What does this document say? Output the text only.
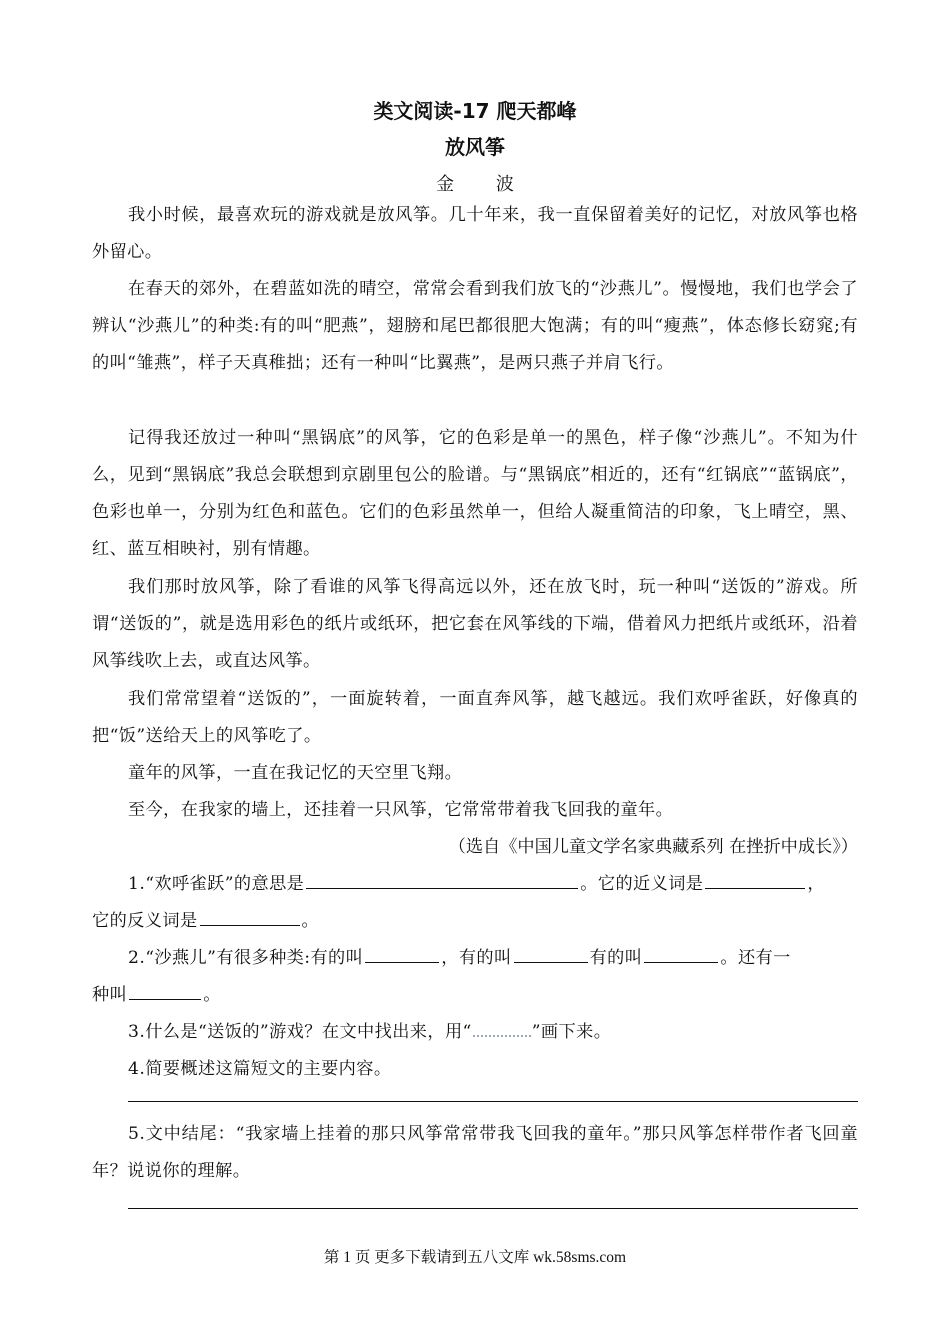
类文阅读-17 爬天都峰
放风筝
金 波

我小时候，最喜欢玩的游戏就是放风筝。几十年来，我一直保留着美好的记忆，对放风筝也格外留心。

在春天的郊外，在碧蓝如洗的晴空，常常会看到我们放飞的“沙燕儿”。慢慢地，我们也学会了辨认“沙燕儿”的种类:有的叫“肥燕”，翅膀和尾巴都很肥大饱满；有的叫“瘦燕”，体态修长窈窕;有的叫“雏燕”，样子天真稚拙；还有一种叫“比翼燕”，是两只燕子并肩飞行。

记得我还放过一种叫“黑锅底”的风筝，它的色彩是单一的黑色，样子像“沙燕儿”。不知为什么，见到“黑锅底”我总会联想到京剧里包公的脸谱。与“黑锅底”相近的，还有“红锅底”“蓝锅底”，色彩也单一，分别为红色和蓝色。它们的色彩虽然单一，但给人凝重简洁的印象，飞上晴空，黑、红、蓝互相映衬，别有情趣。

我们那时放风筝，除了看谁的风筝飞得高远以外，还在放飞时，玩一种叫“送饭的”游戏。所谓“送饭的”，就是选用彩色的纸片或纸环，把它套在风筝线的下端，借着风力把纸片或纸环，沿着风筝线吹上去，或直达风筝。

我们常常望着“送饭的”，一面旋转着，一面直奔风筝，越飞越远。我们欢呼雀跃，好像真的把“饭”送给天上的风筝吃了。

童年的风筝，一直在我记忆的天空里飞翔。

至今，在我家的墙上，还挂着一只风筝，它常常带着我飞回我的童年。

（选自《中国儿童文学名家典藏系列 在挫折中成长》）

1.“欢呼雀跃”的意思是	。它的近义词是	，

它的反义词是	。

2.“沙燕儿”有很多种类:有的叫	，有的叫	有的叫	。还有一

种叫	。

3.什么是“送饭的”游戏？在文中找出来，用“	”画下来。

4.简要概述这篇短文的主要内容。

5.文中结尾：“我家墙上挂着的那只风筝常常带我飞回我的童年。”那只风筝怎样带作者飞回童年？说说你的理解。

第 1 页 更多下载请到五八文库 wk.58sms.com
